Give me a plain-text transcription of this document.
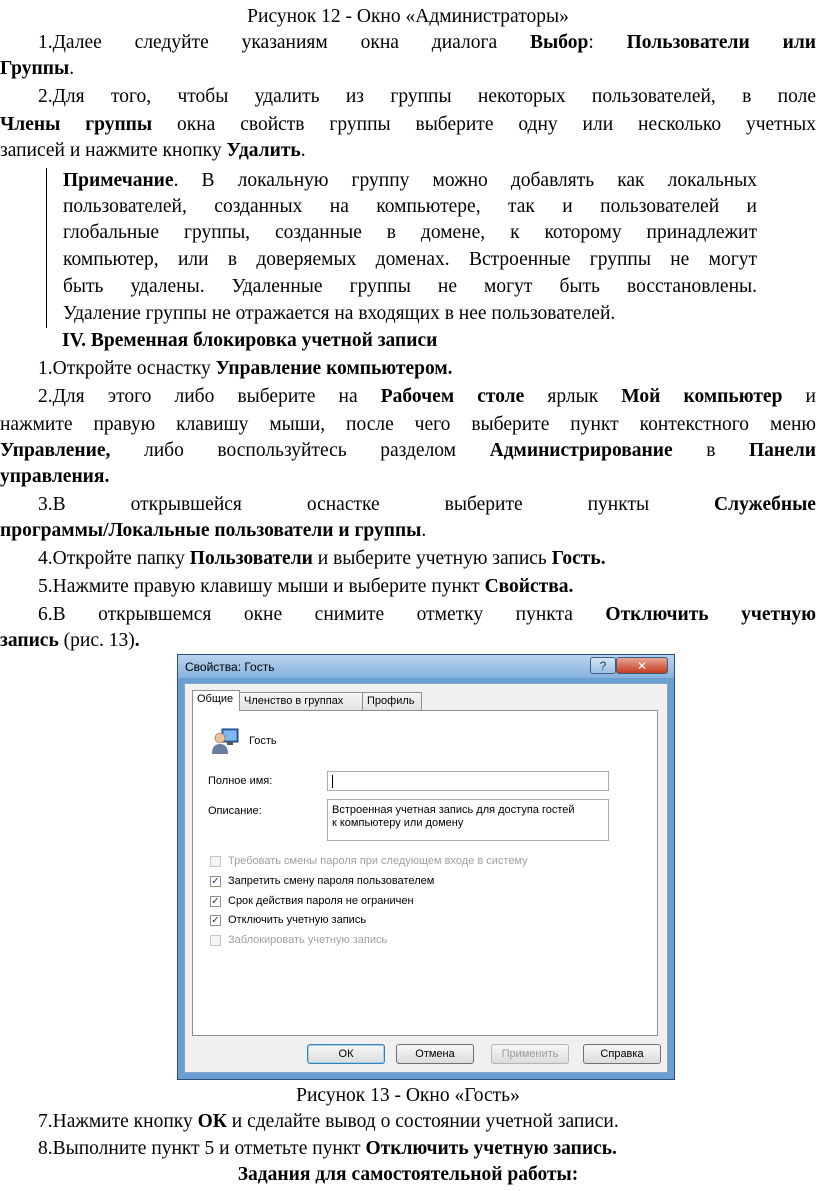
Рисунок 12 - Окно «Администраторы»
1.Далее следуйте указаниям окна диалога Выбор: Пользователи или
Группы.
2.Для того, чтобы удалить из группы некоторых пользователей, в поле
Члены группы окна свойств группы выберите одну или несколько учетных
записей и нажмите кнопку Удалить.
Примечание. В локальную группу можно добавлять как локальных
пользователей, созданных на компьютере, так и пользователей и
глобальные группы, созданные в домене, к которому принадлежит
компьютер, или в доверяемых доменах. Встроенные группы не могут
быть удалены. Удаленные группы не могут быть восстановлены.
Удаление группы не отражается на входящих в нее пользователей.
IV. Временная блокировка учетной записи
1.Откройте оснастку Управление компьютером.
2.Для этого либо выберите на Рабочем столе ярлык Мой компьютер и
нажмите правую клавишу мыши, после чего выберите пункт контекстного меню
Управление, либо воспользуйтесь разделом Администрирование в Панели
управления.
3.В	открывшейся	оснастке	выберите	пункты	Служебные
программы/Локальные пользователи и группы.
4.Откройте папку Пользователи и выберите учетную запись Гость.
5.Нажмите правую клавишу мыши и выберите пункт Свойства.
6.В открывшемся окне снимите отметку пункта Отключить учетную
запись (рис. 13).
Свойства: Гость	?	✕
Общие Членство в группах	Профиль
Гость
Полное имя:
Описание:	Встроенная учетная запись для доступа гостей
к компьютеру или домену
Требовать смены пароля при следующем входе в систему
✓ Запретить смену пароля пользователем
✓ Срок действия пароля не ограничен
✓ Отключить учетную запись
Заблокировать учетную запись
ОК	Отмена	Применить	Справка
Рисунок 13 - Окно «Гость»
7.Нажмите кнопку ОК и сделайте вывод о состоянии учетной записи.
8.Выполните пункт 5 и отметьте пункт Отключить учетную запись.
Задания для самостоятельной работы:
